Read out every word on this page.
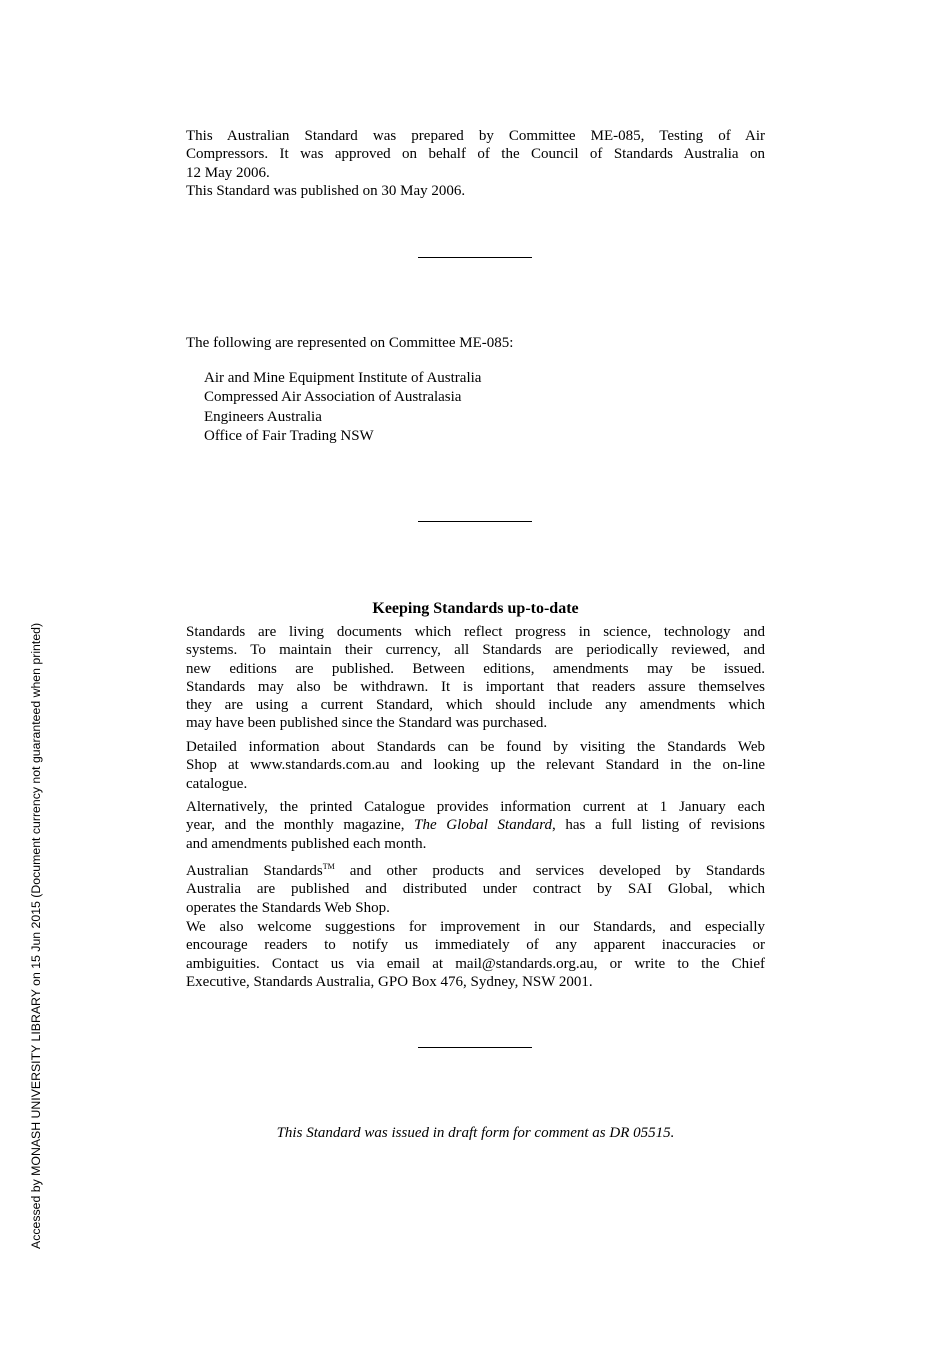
This Australian Standard was prepared by Committee ME-085, Testing of Air
Compressors. It was approved on behalf of the Council of Standards Australia on
12 May 2006.

This Standard was published on 30 May 2006.

The following are represented on Committee ME-085:

Air and Mine Equipment Institute of Australia
Compressed Air Association of Australasia
Engineers Australia
Office of Fair Trading NSW
Keeping Standards up-to-date
Standards are living documents which reflect progress in science, technology and
systems. To maintain their currency, all Standards are periodically reviewed, and
new editions are published. Between editions, amendments may be issued.
Standards may also be withdrawn. It is important that readers assure themselves
they are using a current Standard, which should include any amendments which
may have been published since the Standard was purchased.
Detailed information about Standards can be found by visiting the Standards Web
Shop at www.standards.com.au and looking up the relevant Standard in the on-line
catalogue.
Alternatively, the printed Catalogue provides information current at 1 January each
year, and the monthly magazine, The Global Standard, has a full listing of revisions
and amendments published each month.
Australian Standards™ and other products and services developed by Standards
Australia are published and distributed under contract by SAI Global, which
operates the Standards Web Shop.
We also welcome suggestions for improvement in our Standards, and especially
encourage readers to notify us immediately of any apparent inaccuracies or
ambiguities. Contact us via email at mail@standards.org.au, or write to the Chief
Executive, Standards Australia, GPO Box 476, Sydney, NSW 2001.

This Standard was issued in draft form for comment as DR 05515.

Accessed by MONASH UNIVERSITY LIBRARY on 15 Jun 2015 (Document currency not guaranteed when printed)
